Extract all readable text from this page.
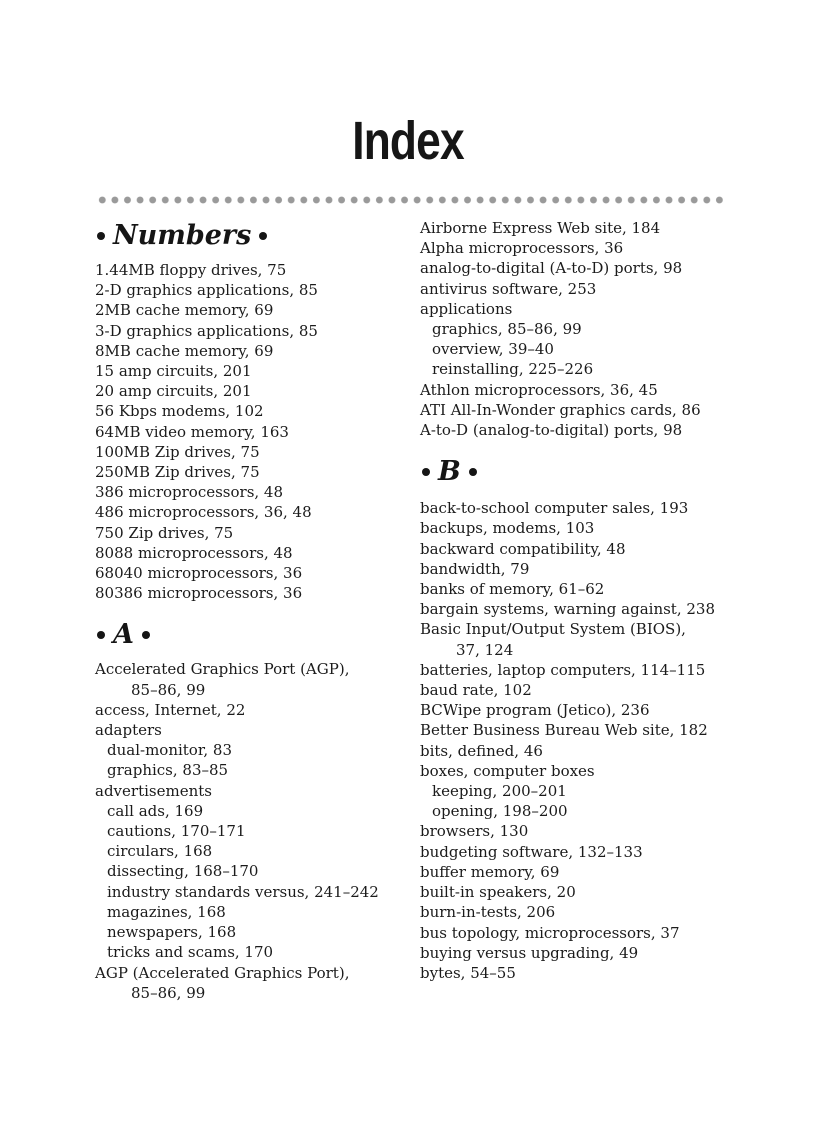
Index
Numbers
1.44MB floppy drives, 75
2-D graphics applications, 85
2MB cache memory, 69
3-D graphics applications, 85
8MB cache memory, 69
15 amp circuits, 201
20 amp circuits, 201
56 Kbps modems, 102
64MB video memory, 163
100MB Zip drives, 75
250MB Zip drives, 75
386 microprocessors, 48
486 microprocessors, 36, 48
750 Zip drives, 75
8088 microprocessors, 48
68040 microprocessors, 36
80386 microprocessors, 36
A
Accelerated Graphics Port (AGP),
85–86, 99
access, Internet, 22
adapters
dual-monitor, 83
graphics, 83–85
advertisements
call ads, 169
cautions, 170–171
circulars, 168
dissecting, 168–170
industry standards versus, 241–242
magazines, 168
newspapers, 168
tricks and scams, 170
AGP (Accelerated Graphics Port),
85–86, 99
Airborne Express Web site, 184
Alpha microprocessors, 36
analog-to-digital (A-to-D) ports, 98
antivirus software, 253
applications
graphics, 85–86, 99
overview, 39–40
reinstalling, 225–226
Athlon microprocessors, 36, 45
ATI All-In-Wonder graphics cards, 86
A-to-D (analog-to-digital) ports, 98
B
back-to-school computer sales, 193
backups, modems, 103
backward compatibility, 48
bandwidth, 79
banks of memory, 61–62
bargain systems, warning against, 238
Basic Input/Output System (BIOS),
37, 124
batteries, laptop computers, 114–115
baud rate, 102
BCWipe program (Jetico), 236
Better Business Bureau Web site, 182
bits, defined, 46
boxes, computer boxes
keeping, 200–201
opening, 198–200
browsers, 130
budgeting software, 132–133
buffer memory, 69
built-in speakers, 20
burn-in-tests, 206
bus topology, microprocessors, 37
buying versus upgrading, 49
bytes, 54–55
